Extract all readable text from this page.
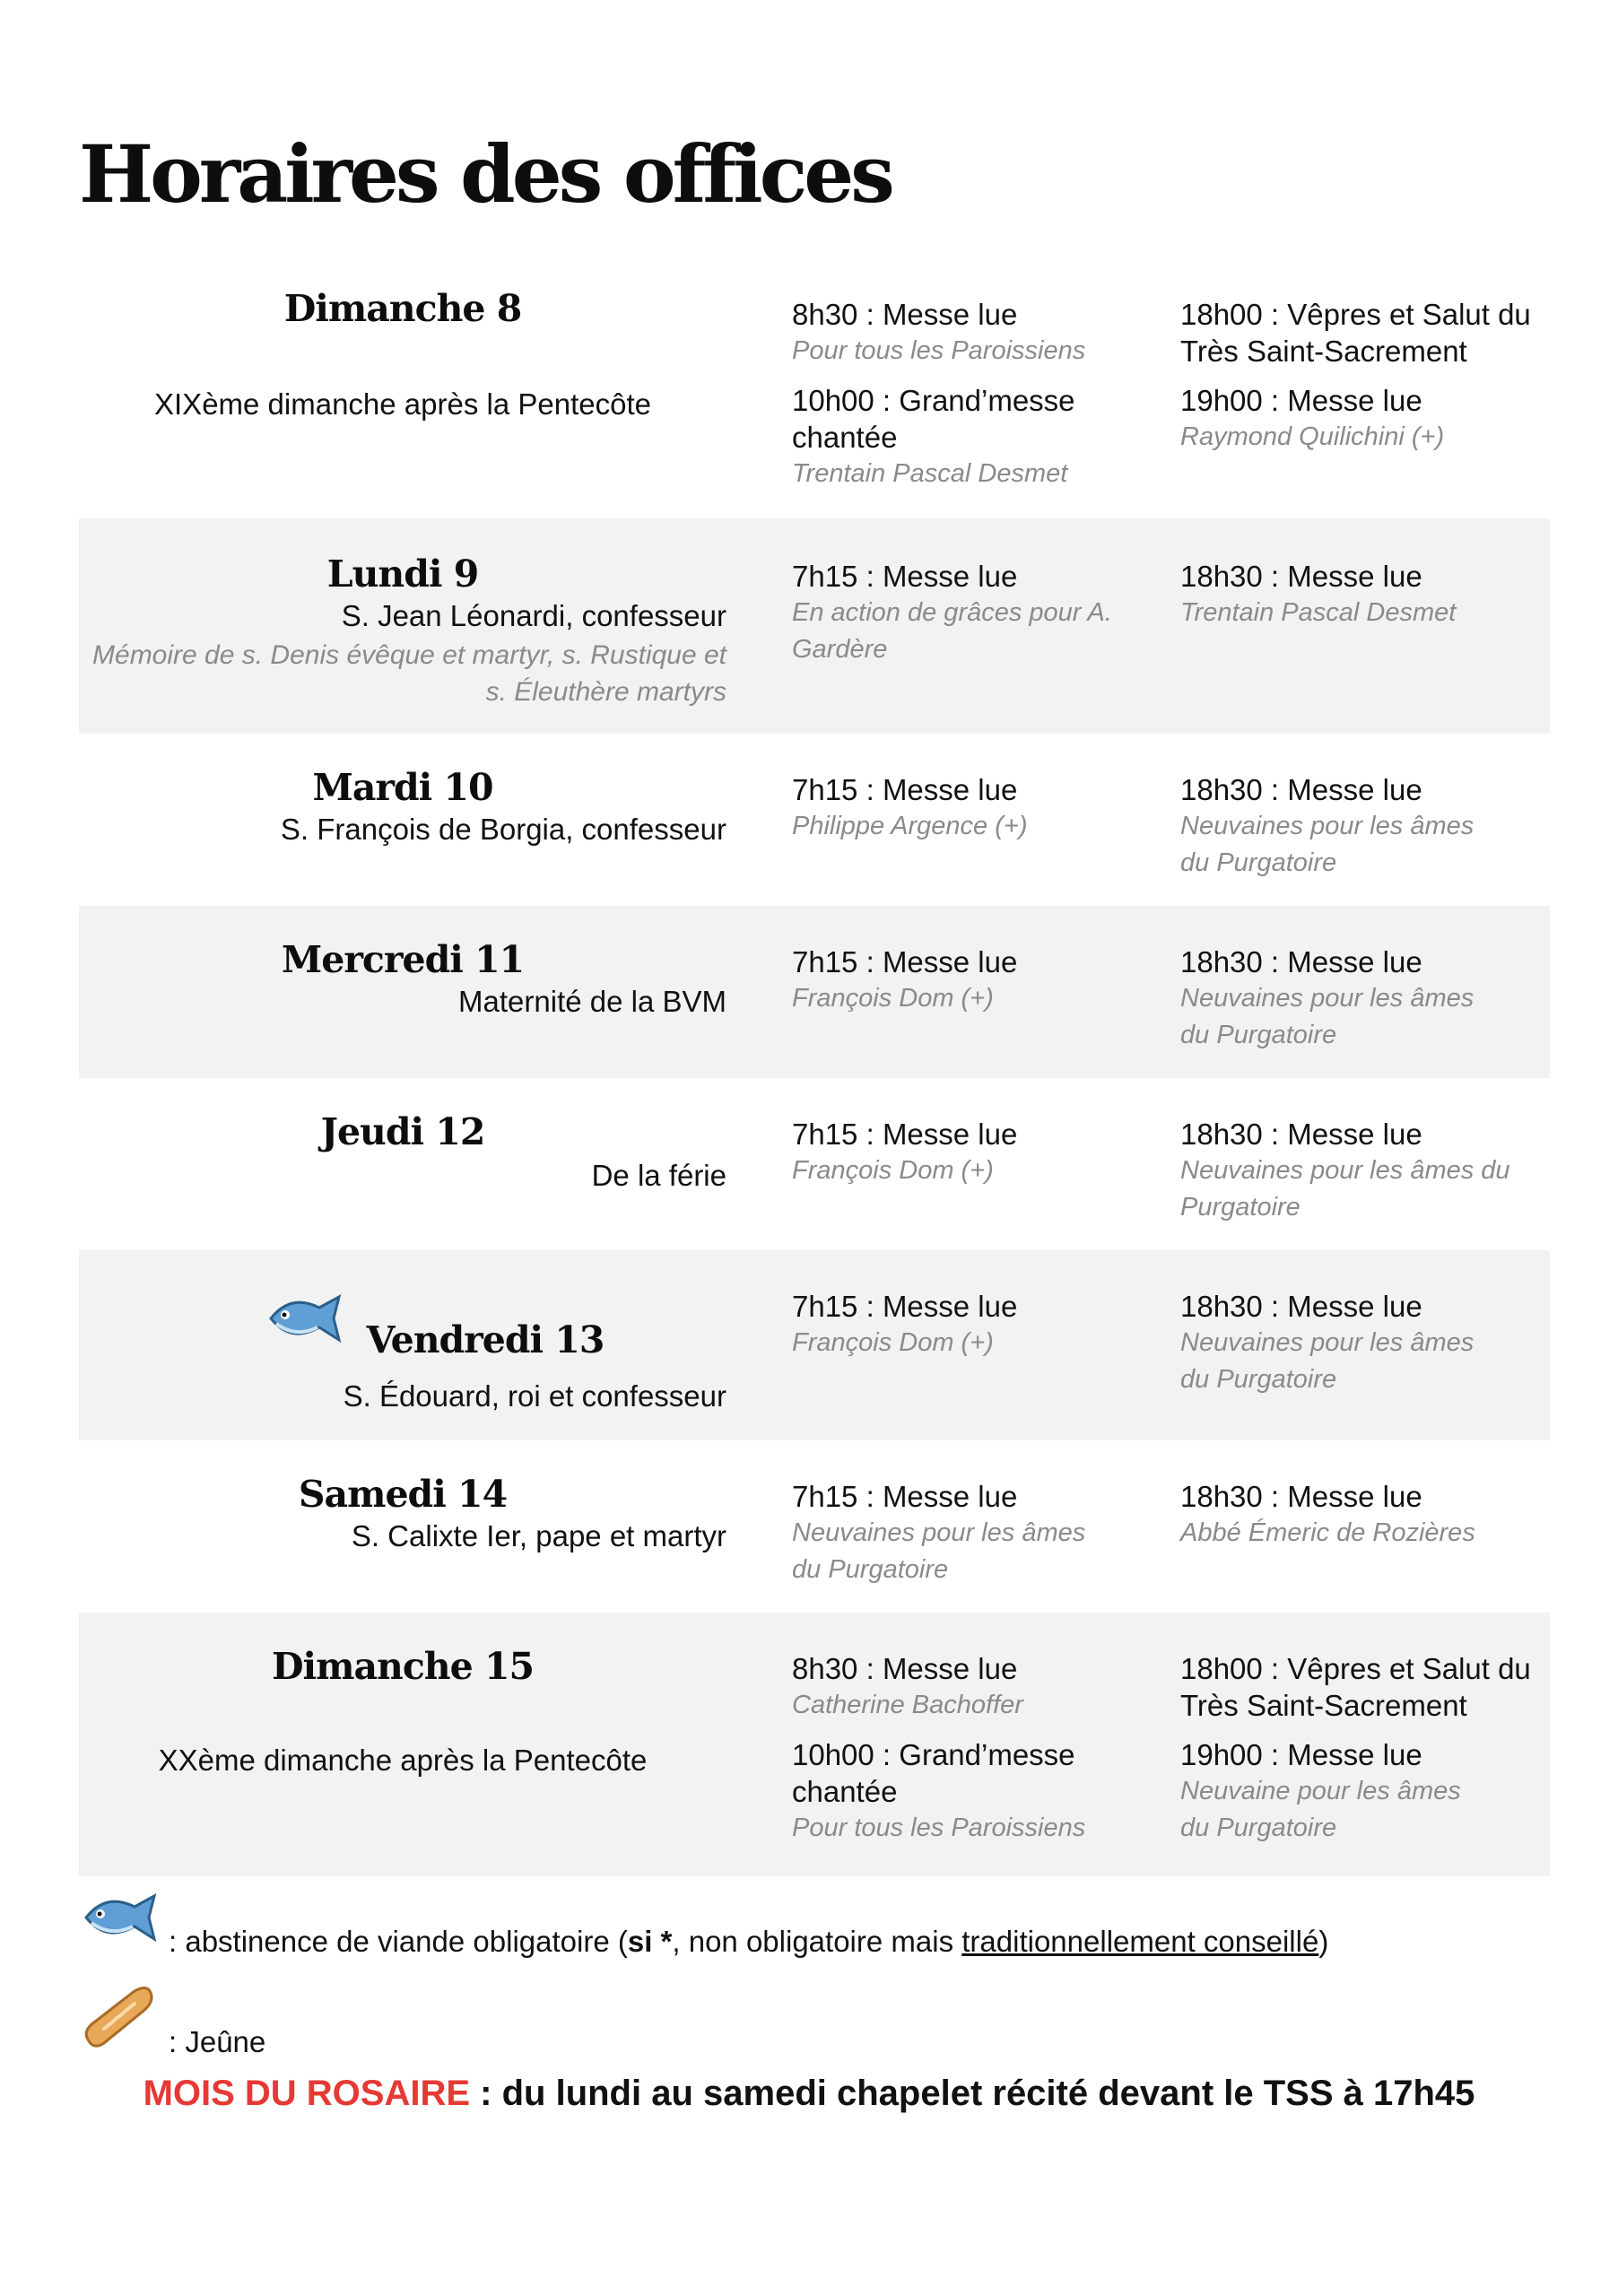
Horaires des offices
Dimanche 8
XIXème dimanche après la Pentecôte
8h30 : Messe lue
Pour tous les Paroissiens
10h00 : Grand’messe chantée
Trentain Pascal Desmet
18h00 : Vêpres et Salut du Très Saint-Sacrement
19h00 : Messe lue
Raymond Quilichini (+)
Lundi 9
S. Jean Léonardi, confesseur
Mémoire de s. Denis évêque et martyr, s. Rustique et s. Éleuthère martyrs
7h15 : Messe lue
En action de grâces pour A. Gardère
18h30 : Messe lue
Trentain Pascal Desmet
Mardi 10
S. François de Borgia, confesseur
7h15 : Messe lue
Philippe Argence (+)
18h30 : Messe lue
Neuvaines pour les âmes du Purgatoire
Mercredi 11
Maternité de la BVM
7h15 : Messe lue
François Dom (+)
18h30 : Messe lue
Neuvaines pour les âmes du Purgatoire
Jeudi 12
De la férie
7h15 : Messe lue
François Dom (+)
18h30 : Messe lue
Neuvaines pour les âmes du Purgatoire
Vendredi 13
S. Édouard, roi et confesseur
7h15 : Messe lue
François Dom (+)
18h30 : Messe lue
Neuvaines pour les âmes du Purgatoire
Samedi 14
S. Calixte Ier, pape et martyr
7h15 : Messe lue
Neuvaines pour les âmes du Purgatoire
18h30 : Messe lue
Abbé Émeric de Rozières
Dimanche 15
XXème dimanche après la Pentecôte
8h30 : Messe lue
Catherine Bachoffer
10h00 : Grand’messe chantée
Pour tous les Paroissiens
18h00 : Vêpres et Salut du Très Saint-Sacrement
19h00 : Messe lue
Neuvaine pour les âmes du Purgatoire
: abstinence de viande obligatoire (si *, non obligatoire mais traditionnellement conseillé)
: Jeûne
MOIS DU ROSAIRE : du lundi au samedi chapelet récité devant le TSS à 17h45
